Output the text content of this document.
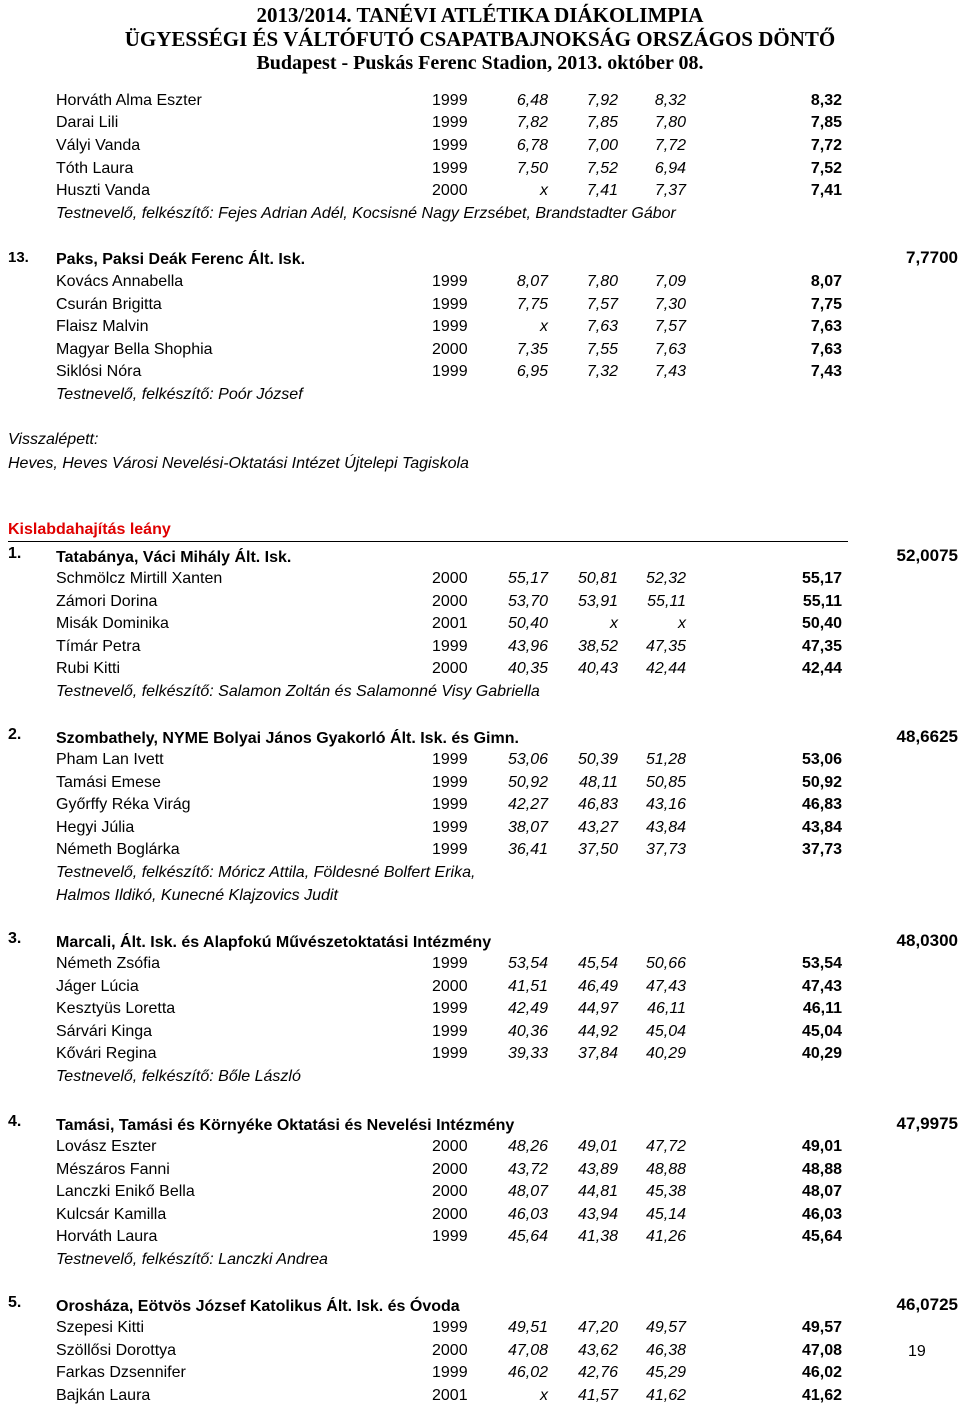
2013/2014. TANÉVI ATLÉTIKA DIÁKOLIMPIA
ÜGYESSÉGI ÉS VÁLTÓFUTÓ CSAPATBAJNOKSÁG ORSZÁGOS DÖNTŐ
Budapest - Puskás Ferenc Stadion, 2013. október 08.
Horváth Alma Eszter	1999	6,48	7,92	8,32	8,32
Darai Lili	1999	7,82	7,85	7,80	7,85
Vályi Vanda	1999	6,78	7,00	7,72	7,72
Tóth Laura	1999	7,50	7,52	6,94	7,52
Huszti Vanda	2000	x	7,41	7,37	7,41
Testnevelő, felkészítő: Fejes Adrian Adél, Kocsisné Nagy Erzsébet, Brandstadter Gábor
13. Paks, Paksi Deák Ferenc Ált. Isk.	7,7700
Kovács Annabella	1999	8,07	7,80	7,09	8,07
Csurán Brigitta	1999	7,75	7,57	7,30	7,75
Flaisz Malvin	1999	x	7,63	7,57	7,63
Magyar Bella Shophia	2000	7,35	7,55	7,63	7,63
Siklósi Nóra	1999	6,95	7,32	7,43	7,43
Testnevelő, felkészítő: Poór József
Visszalépett:
Heves, Heves Városi Nevelési-Oktatási Intézet Újtelepi Tagiskola
Kislabdahajítás leány
1. Tatabánya, Váci Mihály Ált. Isk.	52,0075
Schmölcz Mirtill Xanten	2000	55,17	50,81	52,32	55,17
Zámori Dorina	2000	53,70	53,91	55,11	55,11
Misák Dominika	2001	50,40	x	x	50,40
Tímár Petra	1999	43,96	38,52	47,35	47,35
Rubi Kitti	2000	40,35	40,43	42,44	42,44
Testnevelő, felkészítő: Salamon Zoltán és Salamonné Visy Gabriella
2. Szombathely, NYME Bolyai János Gyakorló Ált. Isk. és Gimn.	48,6625
Pham Lan Ivett	1999	53,06	50,39	51,28	53,06
Tamási Emese	1999	50,92	48,11	50,85	50,92
Győrffy Réka Virág	1999	42,27	46,83	43,16	46,83
Hegyi Júlia	1999	38,07	43,27	43,84	43,84
Németh Boglárka	1999	36,41	37,50	37,73	37,73
Testnevelő, felkészítő: Móricz Attila, Földesné Bolfert Erika,
Halmos Ildikó, Kunecné Klajzovics Judit
3. Marcali, Ált. Isk. és Alapfokú Művészetoktatási Intézmény	48,0300
Németh Zsófia	1999	53,54	45,54	50,66	53,54
Jáger Lúcia	2000	41,51	46,49	47,43	47,43
Kesztyüs Loretta	1999	42,49	44,97	46,11	46,11
Sárvári Kinga	1999	40,36	44,92	45,04	45,04
Kővári Regina	1999	39,33	37,84	40,29	40,29
Testnevelő, felkészítő: Bőle László
4. Tamási, Tamási és Környéke Oktatási és Nevelési Intézmény	47,9975
Lovász Eszter	2000	48,26	49,01	47,72	49,01
Mészáros Fanni	2000	43,72	43,89	48,88	48,88
Lanczki Enikő Bella	2000	48,07	44,81	45,38	48,07
Kulcsár Kamilla	2000	46,03	43,94	45,14	46,03
Horváth Laura	1999	45,64	41,38	41,26	45,64
Testnevelő, felkészítő: Lanczki Andrea
5. Orosháza, Eötvös József Katolikus Ált. Isk. és Óvoda	46,0725
Szepesi Kitti	1999	49,51	47,20	49,57	49,57
Szöllősi Dorottya	2000	47,08	43,62	46,38	47,08
Farkas Dzsennifer	1999	46,02	42,76	45,29	46,02
Bajkán Laura	2001	x	41,57	41,62	41,62
19
